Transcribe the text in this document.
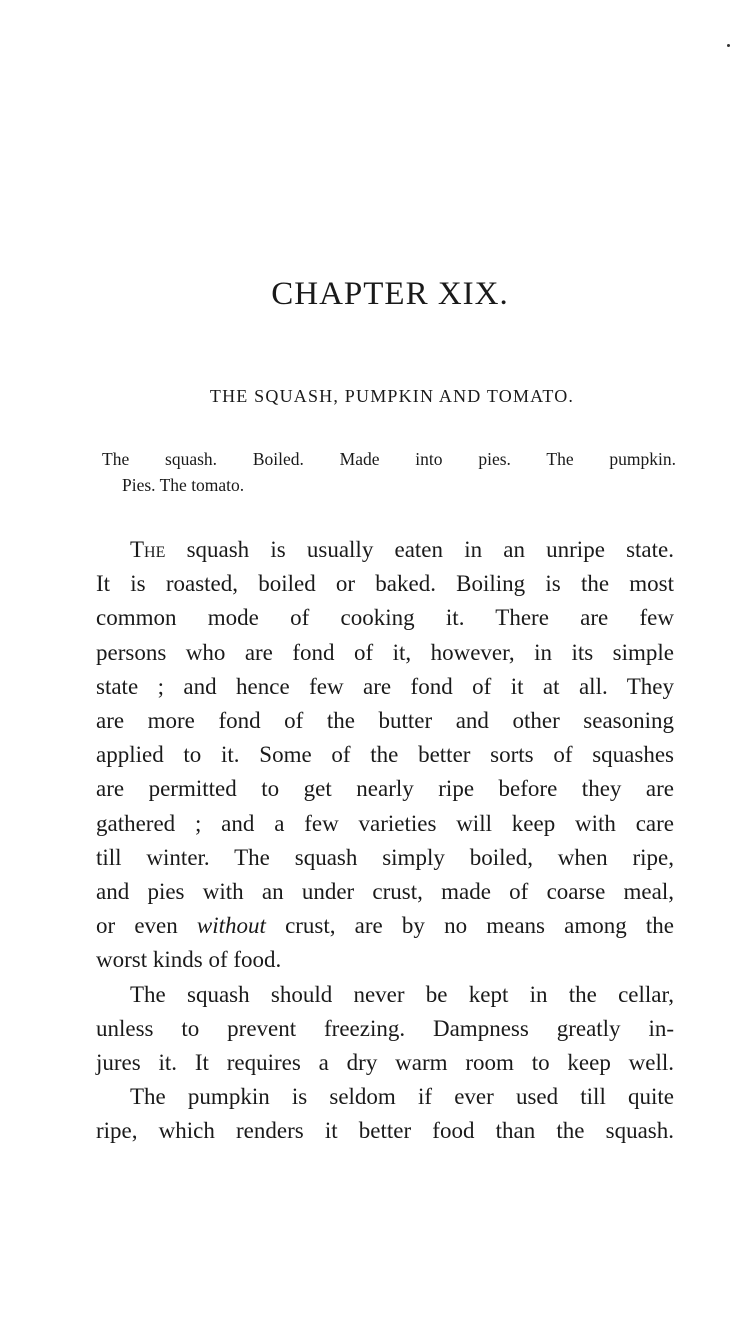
CHAPTER XIX.
THE SQUASH, PUMPKIN AND TOMATO.
The squash. Boiled. Made into pies. The pumpkin.
Pies. The tomato.
The squash is usually eaten in an unripe state.
It is roasted, boiled or baked. Boiling is the most
common mode of cooking it. There are few
persons who are fond of it, however, in its simple
state ; and hence few are fond of it at all. They
are more fond of the butter and other seasoning
applied to it. Some of the better sorts of squashes
are permitted to get nearly ripe before they are
gathered ; and a few varieties will keep with care
till winter. The squash simply boiled, when ripe,
and pies with an under crust, made of coarse meal,
or even without crust, are by no means among the
worst kinds of food.
The squash should never be kept in the cellar,
unless to prevent freezing. Dampness greatly in-
jures it. It requires a dry warm room to keep well.
The pumpkin is seldom if ever used till quite
ripe, which renders it better food than the squash.
